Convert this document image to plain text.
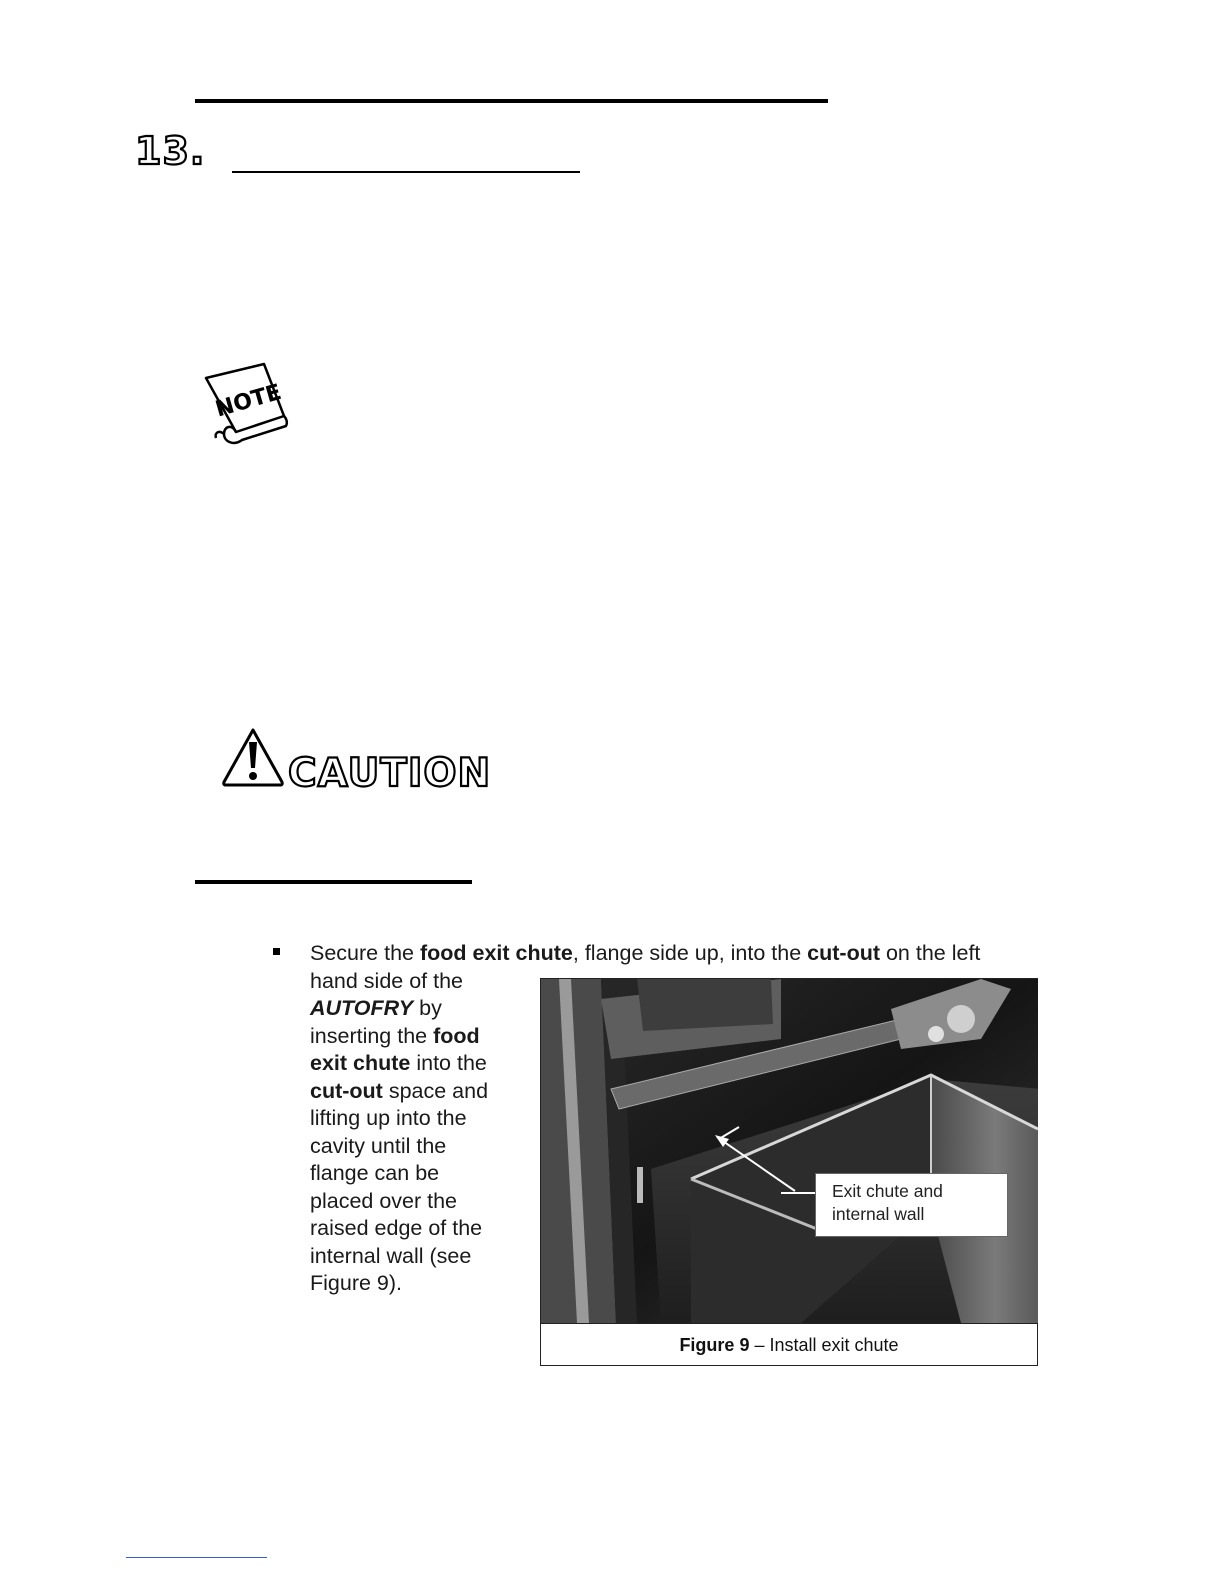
13.
NOTE
CAUTION
Secure the food exit chute, flange side up, into the cut-out on the left
hand side of the
AUTOFRY by
inserting the food
exit chute into the
cut-out space and
lifting up into the
cavity until the
flange can be
placed over the
raised edge of the
internal wall (see
Figure 9).
Exit chute and
internal wall
Figure 9 – Install exit chute
